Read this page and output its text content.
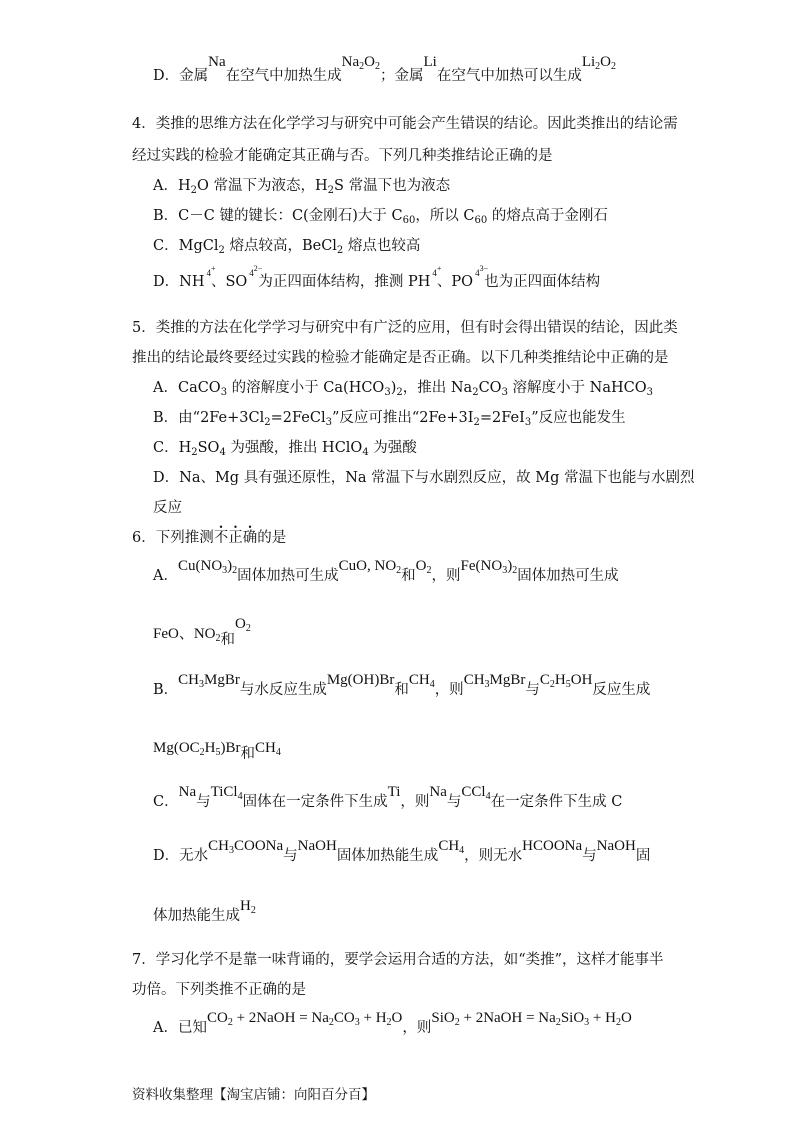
D．金属Na在空气中加热生成$Na_2O_2$；金属Li在空气中加热可以生成$Li_2O_2$
4．类推的思维方法在化学学习与研究中可能会产生错误的结论。因此类推出的结论需
经过实践的检验才能确定其正确与否。下列几种类推结论正确的是
A．$H_2O$ 常温下为液态，$H_2S$ 常温下也为液态
B．C－C 键的键长：C(金刚石)大于 $C_{60}$，所以 $C_{60}$ 的熔点高于金刚石
C．MgCl$_2$ 熔点较高，BeCl$_2$ 熔点也较高
D．NH
+
$^4$、SO
2−
$^4$ 为正四面体结构，推测 PH
+
$^4$、PO
3−
$^4$ 也为正四面体结构
5．类推的方法在化学学习与研究中有广泛的应用，但有时会得出错误的结论，因此类
推出的结论最终要经过实践的检验才能确定是否正确。以下几种类推结论中正确的是
A．CaCO$_3$ 的溶解度小于 $Ca(HCO_3)_2$，推出 $Na_2CO_3$ 溶解度小于 NaHCO$_3$
B．由“$2Fe+3Cl_2=2FeCl_3$”反应可推出“$2Fe+3I_2=2FeI_3$”反应也能发生
C．$H_2SO_4$ 为强酸，推出 HClO$_4$ 为强酸
D．Na、Mg 具有强还原性，Na 常温下与水剧烈反应，故 Mg 常温下也能与水剧烈
反应
6．下列推测不正确的是
A．$Cu(NO_3)_2$固体加热可生成CuO, $NO_2$和$O_2$，则$Fe(NO_3)_2$固体加热可生成
FeO、$NO_2$和$O_2$
B．$CH_3MgBr$与水反应生成Mg(OH)Br和$CH_4$，则$CH_3MgBr$与$C_2H_5OH$反应生成
$Mg(OC_2H_5)Br$和$CH_4$
C．Na与TiCl$_4$固体在一定条件下生成Ti，则Na与CCl$_4$在一定条件下生成 C
D．无水$CH_3COONa$与NaOH固体加热能生成$CH_4$，则无水HCOONa与NaOH固
体加热能生成$H_2$
7．学习化学不是靠一味背诵的，要学会运用合适的方法，如“类推”，这样才能事半
功倍。下列类推不正确的是
A．已知$CO_2$ + 2NaOH = $Na_2CO_3 + H_2O$，则SiO$_2$ + 2NaOH = $Na_2SiO_3 + H_2O$
资料收集整理【淘宝店铺：向阳百分百】
